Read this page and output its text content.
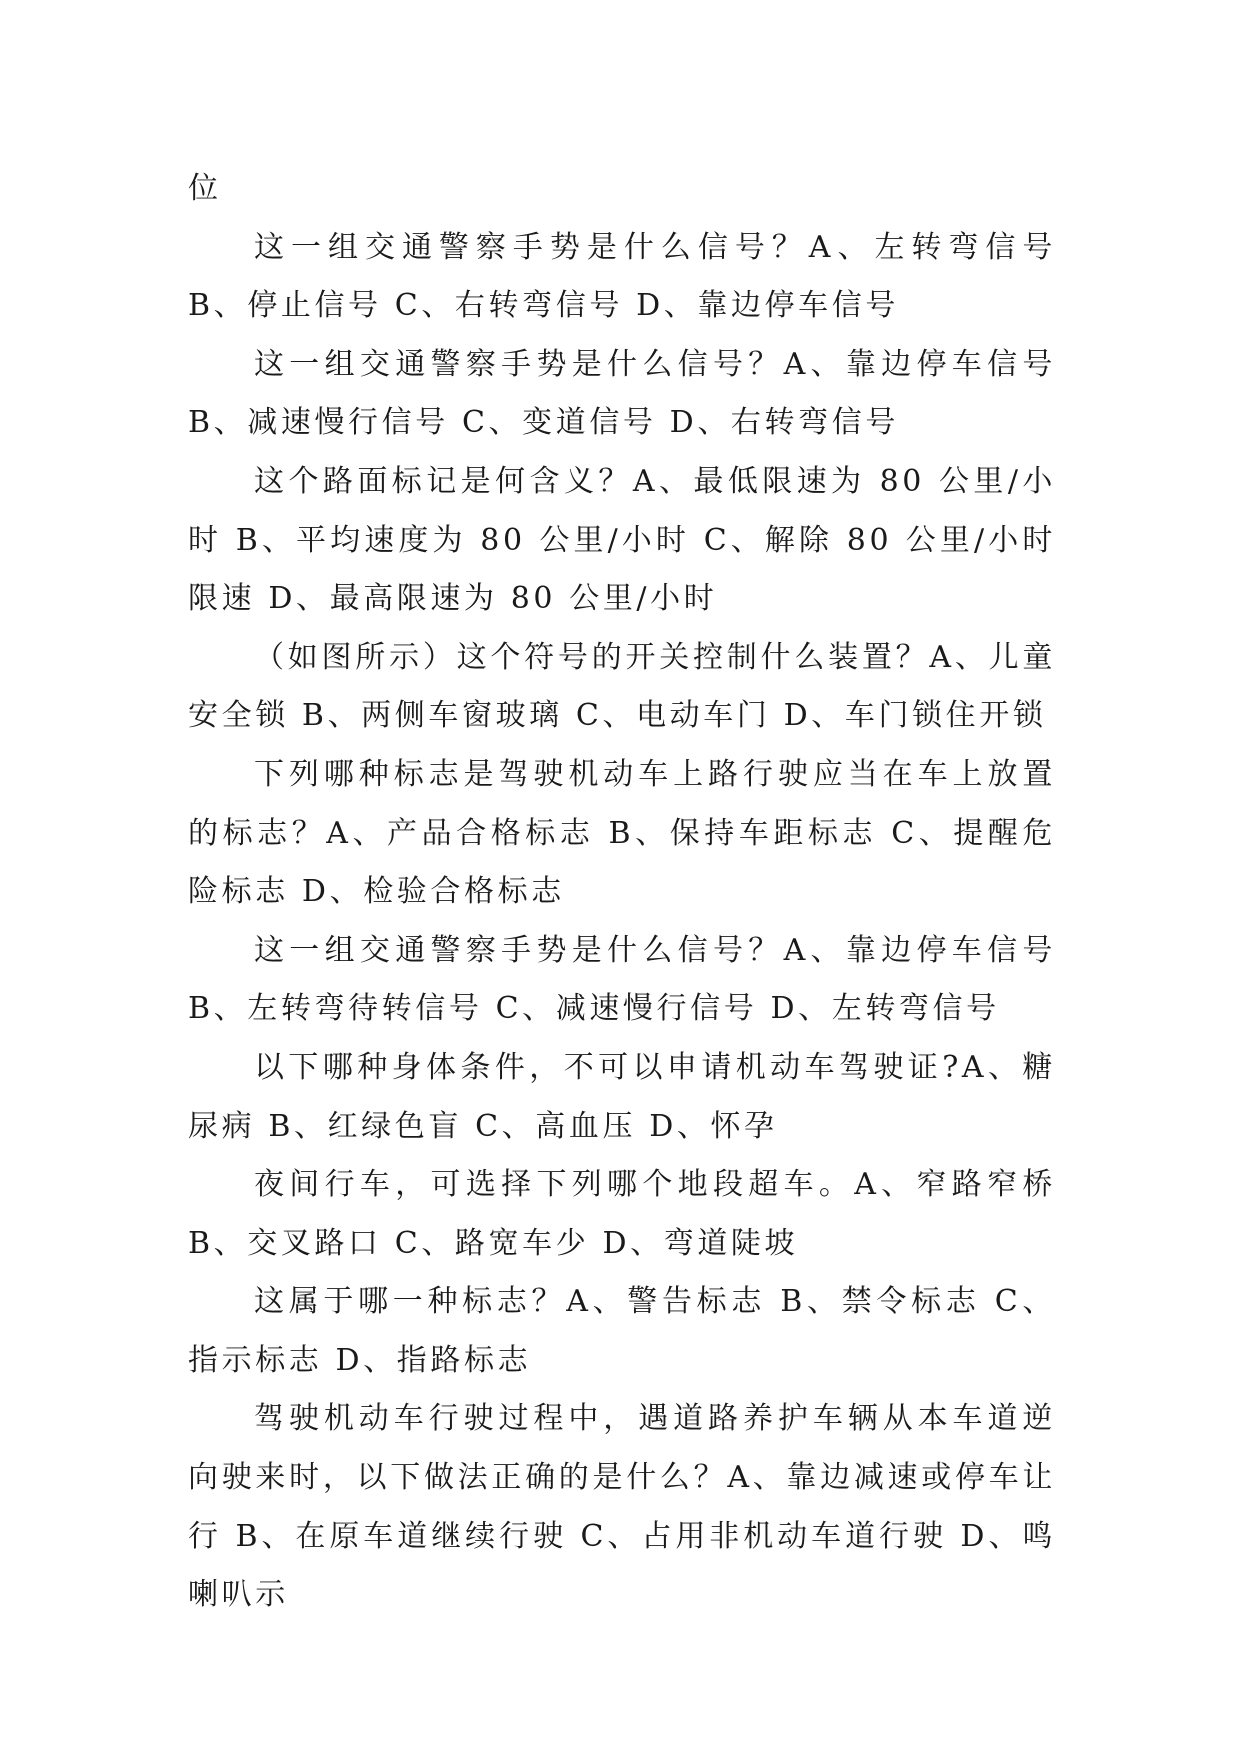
位

这一组交通警察手势是什么信号？A、左转弯信号 B、停止信号 C、右转弯信号 D、靠边停车信号

这一组交通警察手势是什么信号？A、靠边停车信号 B、减速慢行信号 C、变道信号 D、右转弯信号

这个路面标记是何含义？A、最低限速为 80 公里/小时 B、平均速度为 80 公里/小时 C、解除 80 公里/小时限速 D、最高限速为 80 公里/小时

（如图所示）这个符号的开关控制什么装置？A、儿童安全锁 B、两侧车窗玻璃 C、电动车门 D、车门锁住开锁

下列哪种标志是驾驶机动车上路行驶应当在车上放置的标志？A、产品合格标志 B、保持车距标志 C、提醒危险标志 D、检验合格标志

这一组交通警察手势是什么信号？A、靠边停车信号 B、左转弯待转信号 C、减速慢行信号 D、左转弯信号

以下哪种身体条件，不可以申请机动车驾驶证?A、糖尿病 B、红绿色盲 C、高血压 D、怀孕

夜间行车，可选择下列哪个地段超车。A、窄路窄桥 B、交叉路口 C、路宽车少 D、弯道陡坡

这属于哪一种标志？A、警告标志 B、禁令标志 C、指示标志 D、指路标志

驾驶机动车行驶过程中，遇道路养护车辆从本车道逆向驶来时，以下做法正确的是什么？A、靠边减速或停车让行 B、在原车道继续行驶 C、占用非机动车道行驶 D、鸣喇叭示
